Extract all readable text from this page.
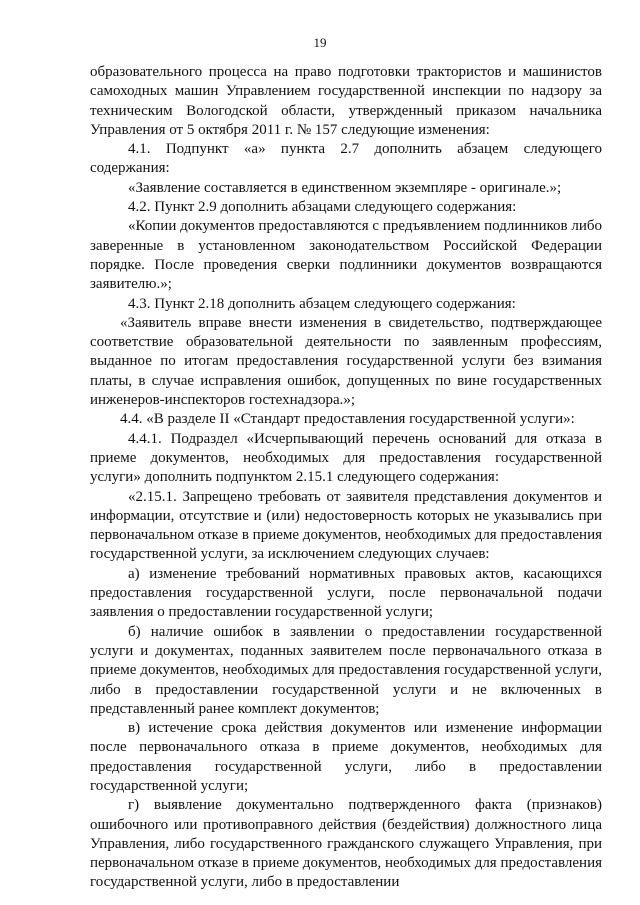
19

образовательного процесса на право подготовки трактористов и машинистов самоходных машин Управлением государственной инспекции по надзору за техническим Вологодской области, утвержденный приказом начальника Управления от 5 октября 2011 г. № 157 следующие изменения:

4.1. Подпункт «а» пункта 2.7 дополнить абзацем следующего содержания:

«Заявление составляется в единственном экземпляре - оригинале.»;

4.2. Пункт 2.9 дополнить абзацами следующего содержания:

«Копии документов предоставляются с предъявлением подлинников либо заверенные в установленном законодательством Российской Федерации порядке. После проведения сверки подлинники документов возвращаются заявителю.»;

4.3. Пункт 2.18 дополнить абзацем следующего содержания:

«Заявитель вправе внести изменения в свидетельство, подтверждающее соответствие образовательной деятельности по заявленным профессиям, выданное по итогам предоставления государственной услуги без взимания платы, в случае исправления ошибок, допущенных по вине государственных инженеров-инспекторов гостехнадзора.»;

4.4. «В разделе II «Стандарт предоставления государственной услуги»:

4.4.1. Подраздел «Исчерпывающий перечень оснований для отказа в приеме документов, необходимых для предоставления государственной услуги» дополнить подпунктом 2.15.1 следующего содержания:

«2.15.1. Запрещено требовать от заявителя представления документов и информации, отсутствие и (или) недостоверность которых не указывались при первоначальном отказе в приеме документов, необходимых для предоставления государственной услуги, за исключением следующих случаев:

а) изменение требований нормативных правовых актов, касающихся предоставления государственной услуги, после первоначальной подачи заявления о предоставлении государственной услуги;

б) наличие ошибок в заявлении о предоставлении государственной услуги и документах, поданных заявителем после первоначального отказа в приеме документов, необходимых для предоставления государственной услуги, либо в предоставлении государственной услуги и не включенных в представленный ранее комплект документов;

в) истечение срока действия документов или изменение информации после первоначального отказа в приеме документов, необходимых для предоставления государственной услуги, либо в предоставлении государственной услуги;

г) выявление документально подтвержденного факта (признаков) ошибочного или противоправного действия (бездействия) должностного лица Управления, либо государственного гражданского служащего Управления, при первоначальном отказе в приеме документов, необходимых для предоставления государственной услуги, либо в предоставлении
